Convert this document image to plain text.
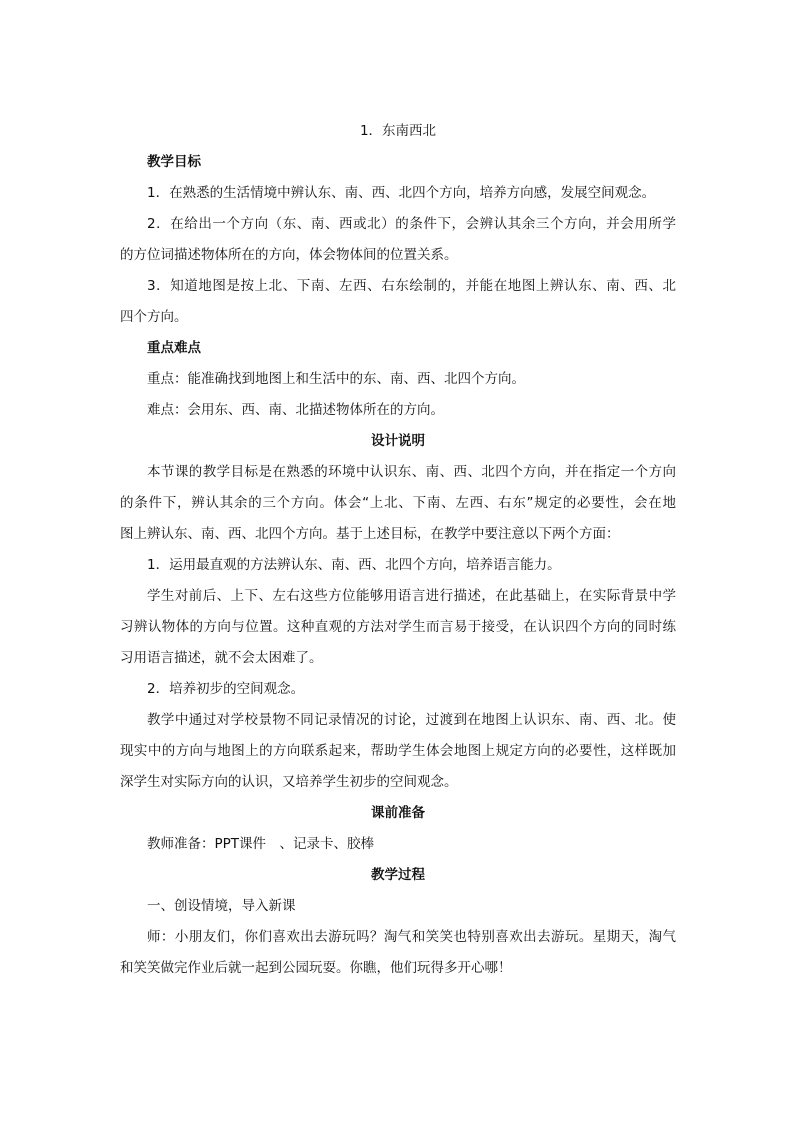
1．东南西北
教学目标
1．在熟悉的生活情境中辨认东、南、西、北四个方向，培养方向感，发展空间观念。
2．在给出一个方向（东、南、西或北）的条件下，会辨认其余三个方向，并会用所学
的方位词描述物体所在的方向，体会物体间的位置关系。
3．知道地图是按上北、下南、左西、右东绘制的，并能在地图上辨认东、南、西、北
四个方向。
重点难点
重点：能准确找到地图上和生活中的东、南、西、北四个方向。
难点：会用东、西、南、北描述物体所在的方向。
设计说明
本节课的教学目标是在熟悉的环境中认识东、南、西、北四个方向，并在指定一个方向
的条件下，辨认其余的三个方向。体会“上北、下南、左西、右东”规定的必要性，会在地
图上辨认东、南、西、北四个方向。基于上述目标，在教学中要注意以下两个方面：
1．运用最直观的方法辨认东、南、西、北四个方向，培养语言能力。
学生对前后、上下、左右这些方位能够用语言进行描述，在此基础上，在实际背景中学
习辨认物体的方向与位置。这种直观的方法对学生而言易于接受，在认识四个方向的同时练
习用语言描述，就不会太困难了。
2．培养初步的空间观念。
教学中通过对学校景物不同记录情况的讨论，过渡到在地图上认识东、南、西、北。使
现实中的方向与地图上的方向联系起来，帮助学生体会地图上规定方向的必要性，这样既加
深学生对实际方向的认识，又培养学生初步的空间观念。
课前准备
教师准备：PPT课件　、记录卡、胶棒
教学过程
一、创设情境，导入新课
师：小朋友们，你们喜欢出去游玩吗？淘气和笑笑也特别喜欢出去游玩。星期天，淘气
和笑笑做完作业后就一起到公园玩耍。你瞧，他们玩得多开心哪！
